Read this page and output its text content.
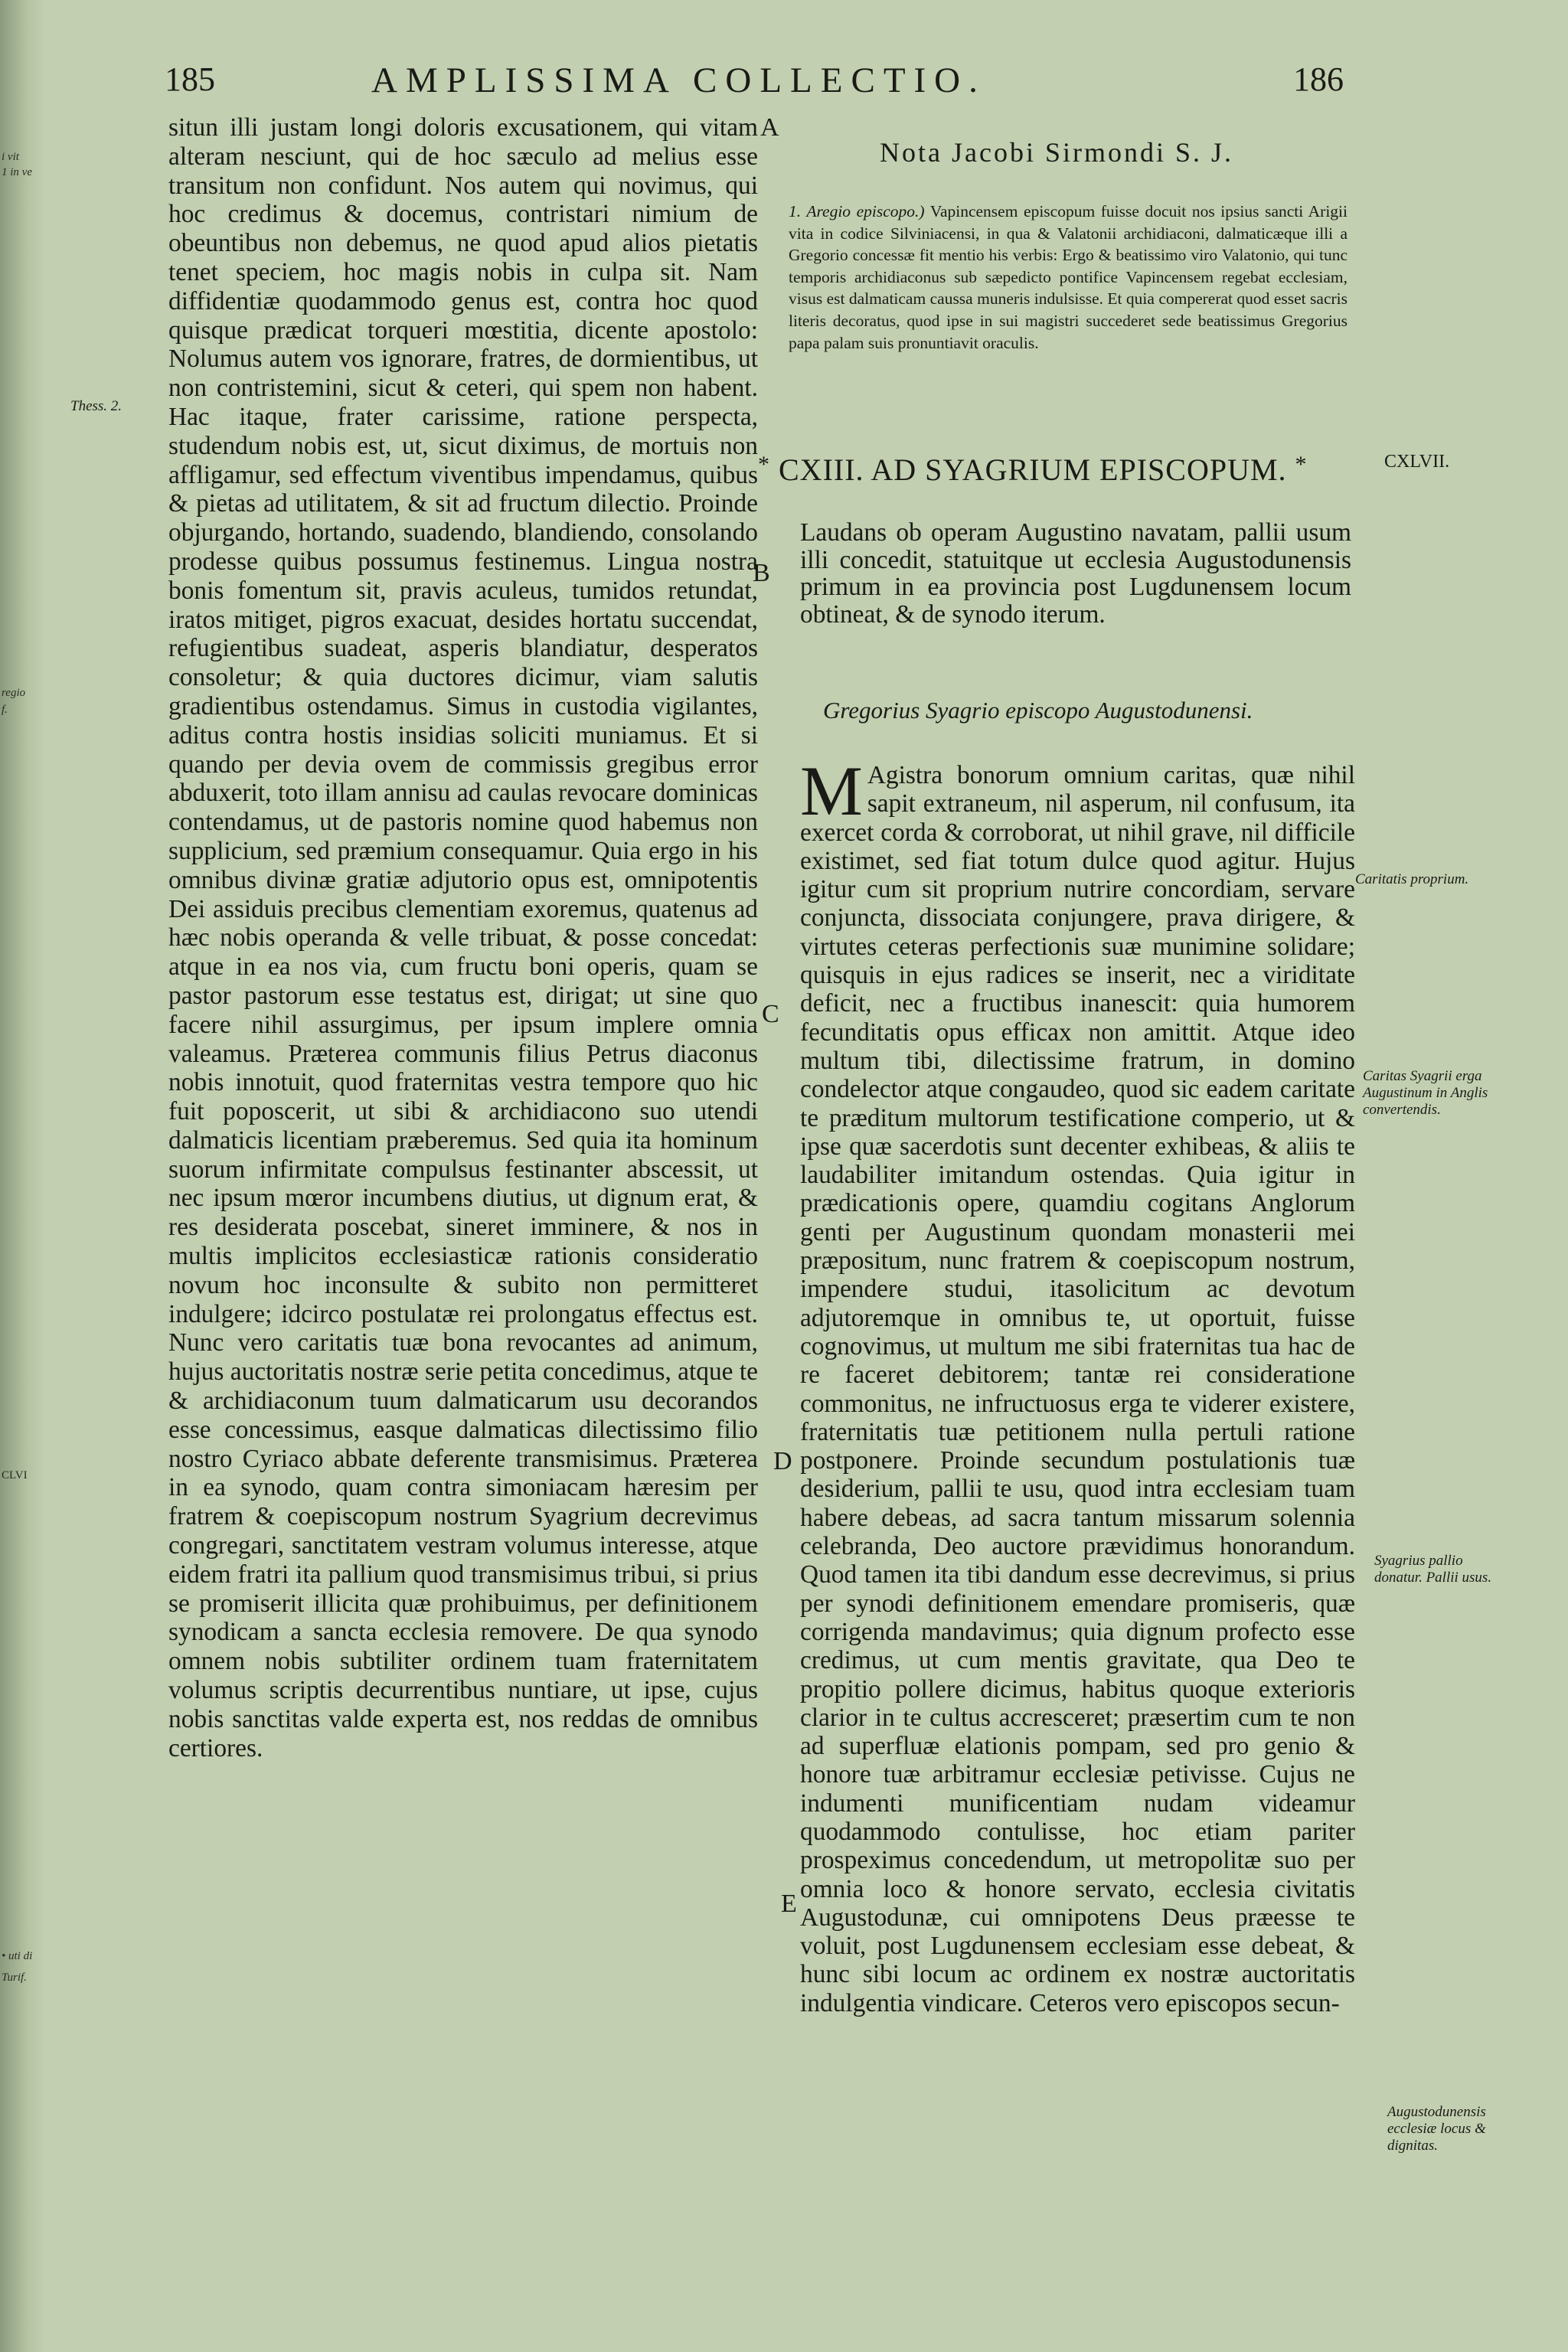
i vit
1 in ve
regio
f.
CLVI
• uti di
Turif.
185	AMPLISSIMA COLLECTIO.	186
situn illi justam longi doloris excusationem, qui vitam alteram nesciunt, qui de hoc sæculo ad melius esse transitum non confidunt. Nos autem qui novimus, qui hoc credimus & docemus, contristari nimium de obeuntibus non debemus, ne quod apud alios pietatis tenet speciem, hoc magis nobis in culpa sit. Nam diffidentiæ quodammodo genus est, contra hoc quod quisque prædicat torqueri mœstitia, dicente apostolo: Nolumus autem vos ignorare, fratres, de dormientibus, ut non contristemini, sicut & ceteri, qui spem non habent. Hac itaque, frater carissime, ratione perspecta, studendum nobis est, ut, sicut diximus, de mortuis non affligamur, sed effectum viventibus impendamus, quibus & pietas ad utilitatem, & sit ad fructum dilectio. Proinde objurgando, hortando, suadendo, blandiendo, consolando prodesse quibus possumus festinemus. Lingua nostra bonis fomentum sit, pravis aculeus, tumidos retundat, iratos mitiget, pigros exacuat, desides hortatu succendat, refugientibus suadeat, asperis blandiatur, desperatos consoletur; & quia ductores dicimur, viam salutis gradientibus ostendamus. Simus in custodia vigilantes, aditus contra hostis insidias soliciti muniamus. Et si quando per devia ovem de commissis gregibus error abduxerit, toto illam annisu ad caulas revocare dominicas contendamus, ut de pastoris nomine quod habemus non supplicium, sed præmium consequamur. Quia ergo in his omnibus divinæ gratiæ adjutorio opus est, omnipotentis Dei assiduis precibus clementiam exoremus, quatenus ad hæc nobis operanda & velle tribuat, & posse concedat: atque in ea nos via, cum fructu boni operis, quam se pastor pastorum esse testatus est, dirigat; ut sine quo facere nihil assurgimus, per ipsum implere omnia valeamus. Præterea communis filius Petrus diaconus nobis innotuit, quod fraternitas vestra tempore quo hic fuit poposcerit, ut sibi & archidiacono suo utendi dalmaticis licentiam præberemus. Sed quia ita hominum suorum infirmitate compulsus festinanter abscessit, ut nec ipsum mœror incumbens diutius, ut dignum erat, & res desiderata poscebat, sineret imminere, & nos in multis implicitos ecclesiasticæ rationis consideratio novum hoc inconsulte & subito non permitteret indulgere; idcirco postulatæ rei prolongatus effectus est. Nunc vero caritatis tuæ bona revocantes ad animum, hujus auctoritatis nostræ serie petita concedimus, atque te & archidiaconum tuum dalmaticarum usu decorandos esse concessimus, easque dalmaticas dilectissimo filio nostro Cyriaco abbate deferente transmisimus. Præterea in ea synodo, quam contra simoniacam hæresim per fratrem & coepiscopum nostrum Syagrium decrevimus congregari, sanctitatem vestram volumus interesse, atque eidem fratri ita pallium quod transmisimus tribui, si prius se promiserit illicita quæ prohibuimus, per definitionem synodicam a sancta ecclesia removere. De qua synodo omnem nobis subtiliter ordinem tuam fraternitatem volumus scriptis decurrentibus nuntiare, ut ipse, cujus nobis sanctitas valde experta est, nos reddas de omnibus certiores.
A
B
C
D
E
Thess. 2.
Nota Jacobi Sirmondi S. J.
1. Aregio episcopo.) Vapincensem episcopum fuisse docuit nos ipsius sancti Arigii vita in codice Silviniacensi, in qua & Valatonii archidiaconi, dalmaticæque illi a Gregorio concessæ fit mentio his verbis: Ergo & beatissimo viro Valatonio, qui tunc temporis archidiaconus sub sæpedicto pontifice Vapincensem regebat ecclesiam, visus est dalmaticam caussa muneris indulsisse. Et quia compererat quod esset sacris literis decoratus, quod ipse in sui magistri succederet sede beatissimus Gregorius papa palam suis pronuntiavit oraculis.
* CXIII. AD SYAGRIUM EPISCOPUM. *	CXLVII.
Laudans ob operam Augustino navatam, pallii usum illi concedit, statuitque ut ecclesia Augustodunensis primum in ea provincia post Lugdunensem locum obtineat, & de synodo iterum.
Gregorius Syagrio episcopo Augustodunensi.
M Agistra bonorum omnium caritas, quæ nihil sapit extraneum, nil asperum, nil confusum, ita exercet corda & corroborat, ut nihil grave, nil difficile existimet, sed fiat totum dulce quod agitur. Hujus igitur cum sit proprium nutrire concordiam, servare conjuncta, dissociata conjungere, prava dirigere, & virtutes ceteras perfectionis suæ munimine solidare; quisquis in ejus radices se inserit, nec a viriditate deficit, nec a fructibus inanescit: quia humorem fecunditatis opus efficax non amittit. Atque ideo multum tibi, dilectissime fratrum, in domino condelector atque congaudeo, quod sic eadem caritate te præditum multorum testificatione comperio, ut & ipse quæ sacerdotis sunt decenter exhibeas, & aliis te laudabiliter imitandum ostendas. Quia igitur in prædicationis opere, quamdiu cogitans Anglorum genti per Augustinum quondam monasterii mei præpositum, nunc fratrem & coepiscopum nostrum, impendere studui, itasolicitum ac devotum adjutoremque in omnibus te, ut oportuit, fuisse cognovimus, ut multum me sibi fraternitas tua hac de re faceret debitorem; tantæ rei consideratione commonitus, ne infructuosus erga te viderer existere, fraternitatis tuæ petitionem nulla pertuli ratione postponere. Proinde secundum postulationis tuæ desiderium, pallii te usu, quod intra ecclesiam tuam habere debeas, ad sacra tantum missarum solennia celebranda, Deo auctore prævidimus honorandum. Quod tamen ita tibi dandum esse decrevimus, si prius per synodi definitionem emendare promiseris, quæ corrigenda mandavimus; quia dignum profecto esse credimus, ut cum mentis gravitate, qua Deo te propitio pollere dicimus, habitus quoque exterioris clarior in te cultus accresceret; præsertim cum te non ad superfluæ elationis pompam, sed pro genio & honore tuæ arbitramur ecclesiæ petivisse. Cujus ne indumenti munificentiam nudam videamur quodammodo contulisse, hoc etiam pariter prospeximus concedendum, ut metropolitæ suo per omnia loco & honore servato, ecclesia civitatis Augustodunæ, cui omnipotens Deus præesse te voluit, post Lugdunensem ecclesiam esse debeat, & hunc sibi locum ac ordinem ex nostræ auctoritatis indulgentia vindicare. Ceteros vero episcopos secun-
Caritatis proprium.
Caritas Syagrii erga Augustinum in Anglis convertendis.
Syagrius pallio donatur. Pallii usus.
Augustodunensis ecclesiæ locus & dignitas.
